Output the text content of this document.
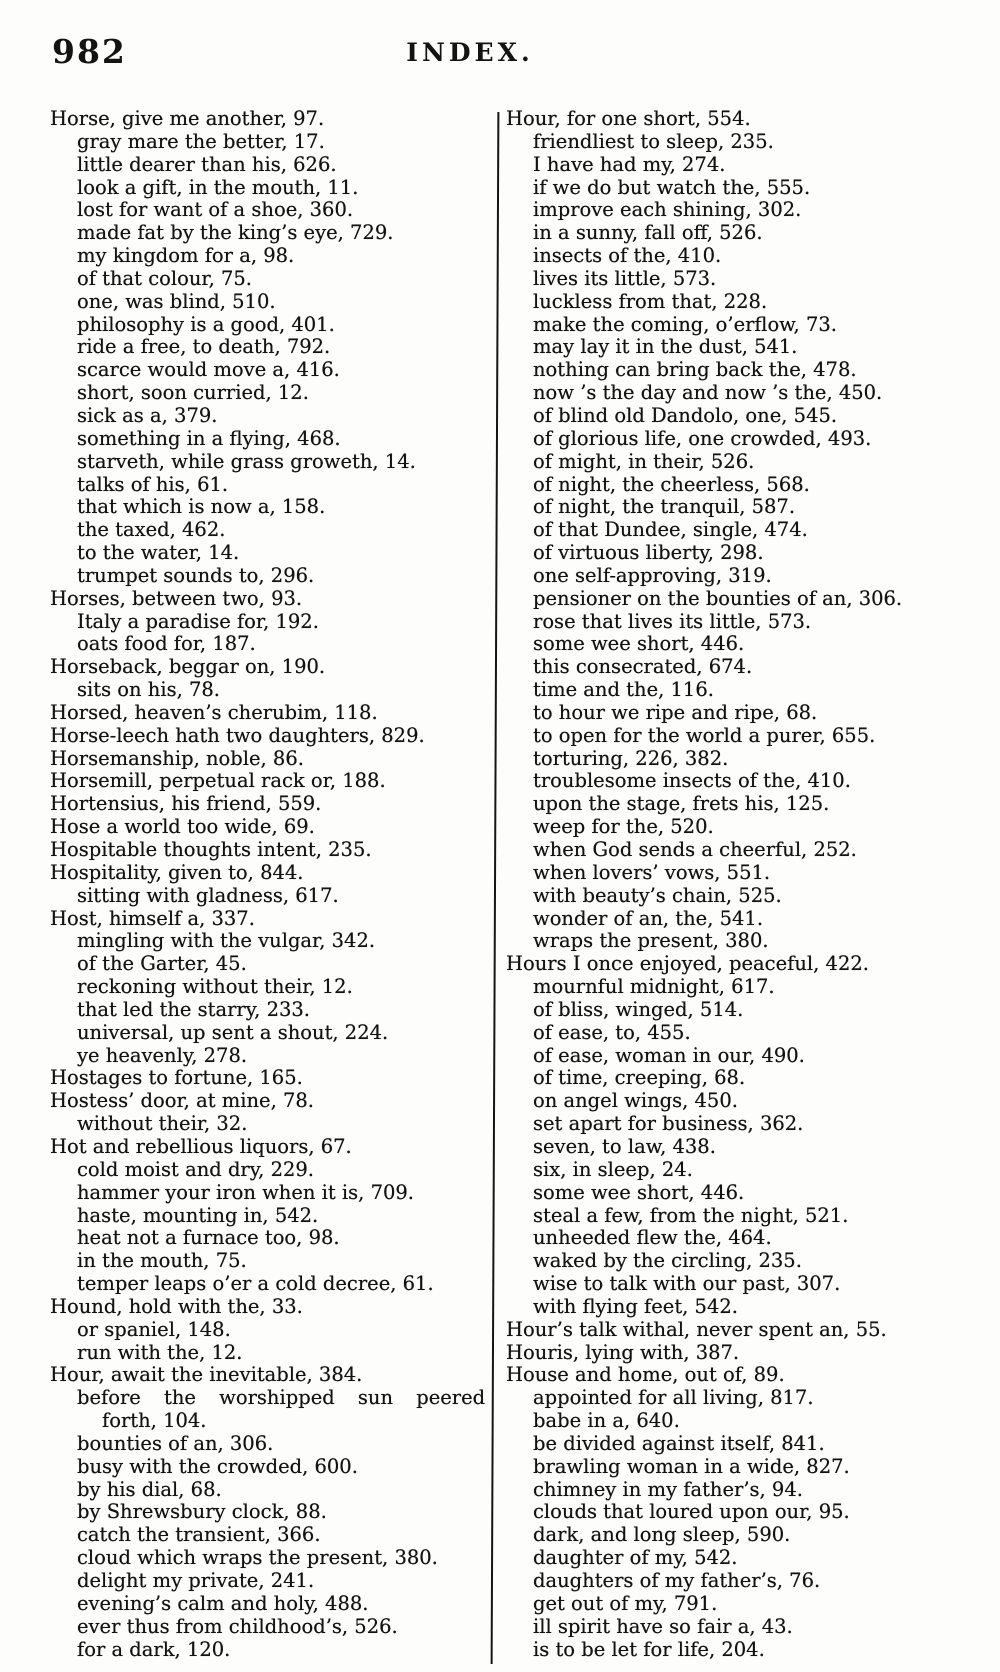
982	INDEX.
Horse, give me another, 97.
gray mare the better, 17.
little dearer than his, 626.
look a gift, in the mouth, 11.
lost for want of a shoe, 360.
made fat by the king’s eye, 729.
my kingdom for a, 98.
of that colour, 75.
one, was blind, 510.
philosophy is a good, 401.
ride a free, to death, 792.
scarce would move a, 416.
short, soon curried, 12.
sick as a, 379.
something in a flying, 468.
starveth, while grass groweth, 14.
talks of his, 61.
that which is now a, 158.
the taxed, 462.
to the water, 14.
trumpet sounds to, 296.
Horses, between two, 93.
Italy a paradise for, 192.
oats food for, 187.
Horseback, beggar on, 190.
sits on his, 78.
Horsed, heaven’s cherubim, 118.
Horse-leech hath two daughters, 829.
Horsemanship, noble, 86.
Horsemill, perpetual rack or, 188.
Hortensius, his friend, 559.
Hose a world too wide, 69.
Hospitable thoughts intent, 235.
Hospitality, given to, 844.
sitting with gladness, 617.
Host, himself a, 337.
mingling with the vulgar, 342.
of the Garter, 45.
reckoning without their, 12.
that led the starry, 233.
universal, up sent a shout, 224.
ye heavenly, 278.
Hostages to fortune, 165.
Hostess’ door, at mine, 78.
without their, 32.
Hot and rebellious liquors, 67.
cold moist and dry, 229.
hammer your iron when it is, 709.
haste, mounting in, 542.
heat not a furnace too, 98.
in the mouth, 75.
temper leaps o’er a cold decree, 61.
Hound, hold with the, 33.
or spaniel, 148.
run with the, 12.
Hour, await the inevitable, 384.
before the worshipped sun peered
forth, 104.
bounties of an, 306.
busy with the crowded, 600.
by his dial, 68.
by Shrewsbury clock, 88.
catch the transient, 366.
cloud which wraps the present, 380.
delight my private, 241.
evening’s calm and holy, 488.
ever thus from childhood’s, 526.
for a dark, 120.
Hour, for one short, 554.
friendliest to sleep, 235.
I have had my, 274.
if we do but watch the, 555.
improve each shining, 302.
in a sunny, fall off, 526.
insects of the, 410.
lives its little, 573.
luckless from that, 228.
make the coming, o’erflow, 73.
may lay it in the dust, 541.
nothing can bring back the, 478.
now ’s the day and now ’s the, 450.
of blind old Dandolo, one, 545.
of glorious life, one crowded, 493.
of might, in their, 526.
of night, the cheerless, 568.
of night, the tranquil, 587.
of that Dundee, single, 474.
of virtuous liberty, 298.
one self-approving, 319.
pensioner on the bounties of an, 306.
rose that lives its little, 573.
some wee short, 446.
this consecrated, 674.
time and the, 116.
to hour we ripe and ripe, 68.
to open for the world a purer, 655.
torturing, 226, 382.
troublesome insects of the, 410.
upon the stage, frets his, 125.
weep for the, 520.
when God sends a cheerful, 252.
when lovers’ vows, 551.
with beauty’s chain, 525.
wonder of an, the, 541.
wraps the present, 380.
Hours I once enjoyed, peaceful, 422.
mournful midnight, 617.
of bliss, winged, 514.
of ease, to, 455.
of ease, woman in our, 490.
of time, creeping, 68.
on angel wings, 450.
set apart for business, 362.
seven, to law, 438.
six, in sleep, 24.
some wee short, 446.
steal a few, from the night, 521.
unheeded flew the, 464.
waked by the circling, 235.
wise to talk with our past, 307.
with flying feet, 542.
Hour’s talk withal, never spent an, 55.
Houris, lying with, 387.
House and home, out of, 89.
appointed for all living, 817.
babe in a, 640.
be divided against itself, 841.
brawling woman in a wide, 827.
chimney in my father’s, 94.
clouds that loured upon our, 95.
dark, and long sleep, 590.
daughter of my, 542.
daughters of my father’s, 76.
get out of my, 791.
ill spirit have so fair a, 43.
is to be let for life, 204.
